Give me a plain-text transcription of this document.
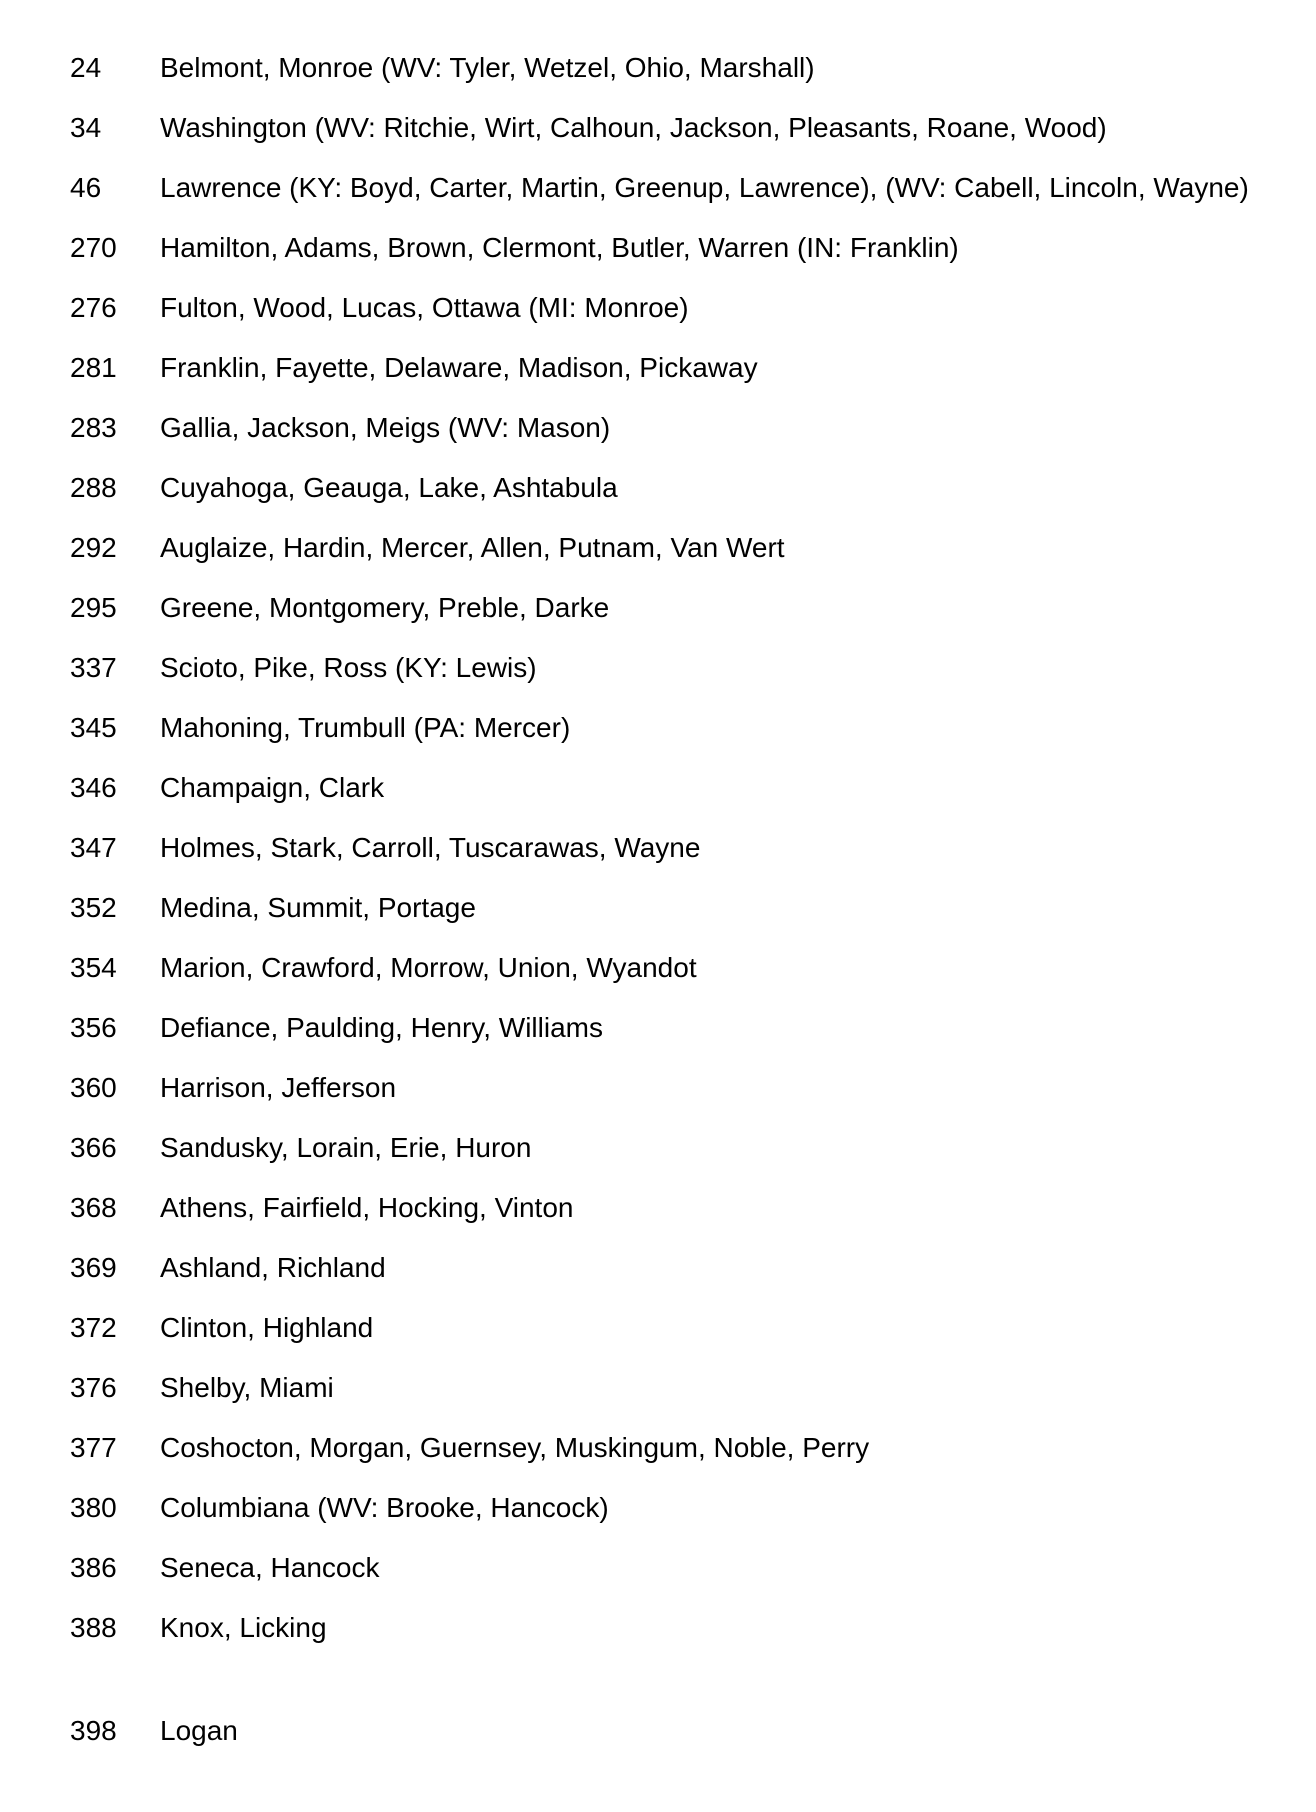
24 Belmont, Monroe (WV: Tyler, Wetzel, Ohio, Marshall)
34 Washington (WV: Ritchie, Wirt, Calhoun, Jackson, Pleasants, Roane, Wood)
46 Lawrence (KY: Boyd, Carter, Martin, Greenup, Lawrence), (WV: Cabell, Lincoln, Wayne)
270 Hamilton, Adams, Brown, Clermont, Butler, Warren (IN: Franklin)
276 Fulton, Wood, Lucas, Ottawa (MI: Monroe)
281 Franklin, Fayette, Delaware, Madison, Pickaway
283 Gallia, Jackson, Meigs (WV: Mason)
288 Cuyahoga, Geauga, Lake, Ashtabula
292 Auglaize, Hardin, Mercer, Allen, Putnam, Van Wert
295 Greene, Montgomery, Preble, Darke
337 Scioto, Pike, Ross (KY: Lewis)
345 Mahoning, Trumbull (PA: Mercer)
346 Champaign, Clark
347 Holmes, Stark, Carroll, Tuscarawas, Wayne
352 Medina, Summit, Portage
354 Marion, Crawford, Morrow, Union, Wyandot
356 Defiance, Paulding, Henry, Williams
360 Harrison, Jefferson
366 Sandusky, Lorain, Erie, Huron
368 Athens, Fairfield, Hocking, Vinton
369 Ashland, Richland
372 Clinton, Highland
376 Shelby, Miami
377 Coshocton, Morgan, Guernsey, Muskingum, Noble, Perry
380 Columbiana (WV: Brooke, Hancock)
386 Seneca, Hancock
388 Knox, Licking
398 Logan
